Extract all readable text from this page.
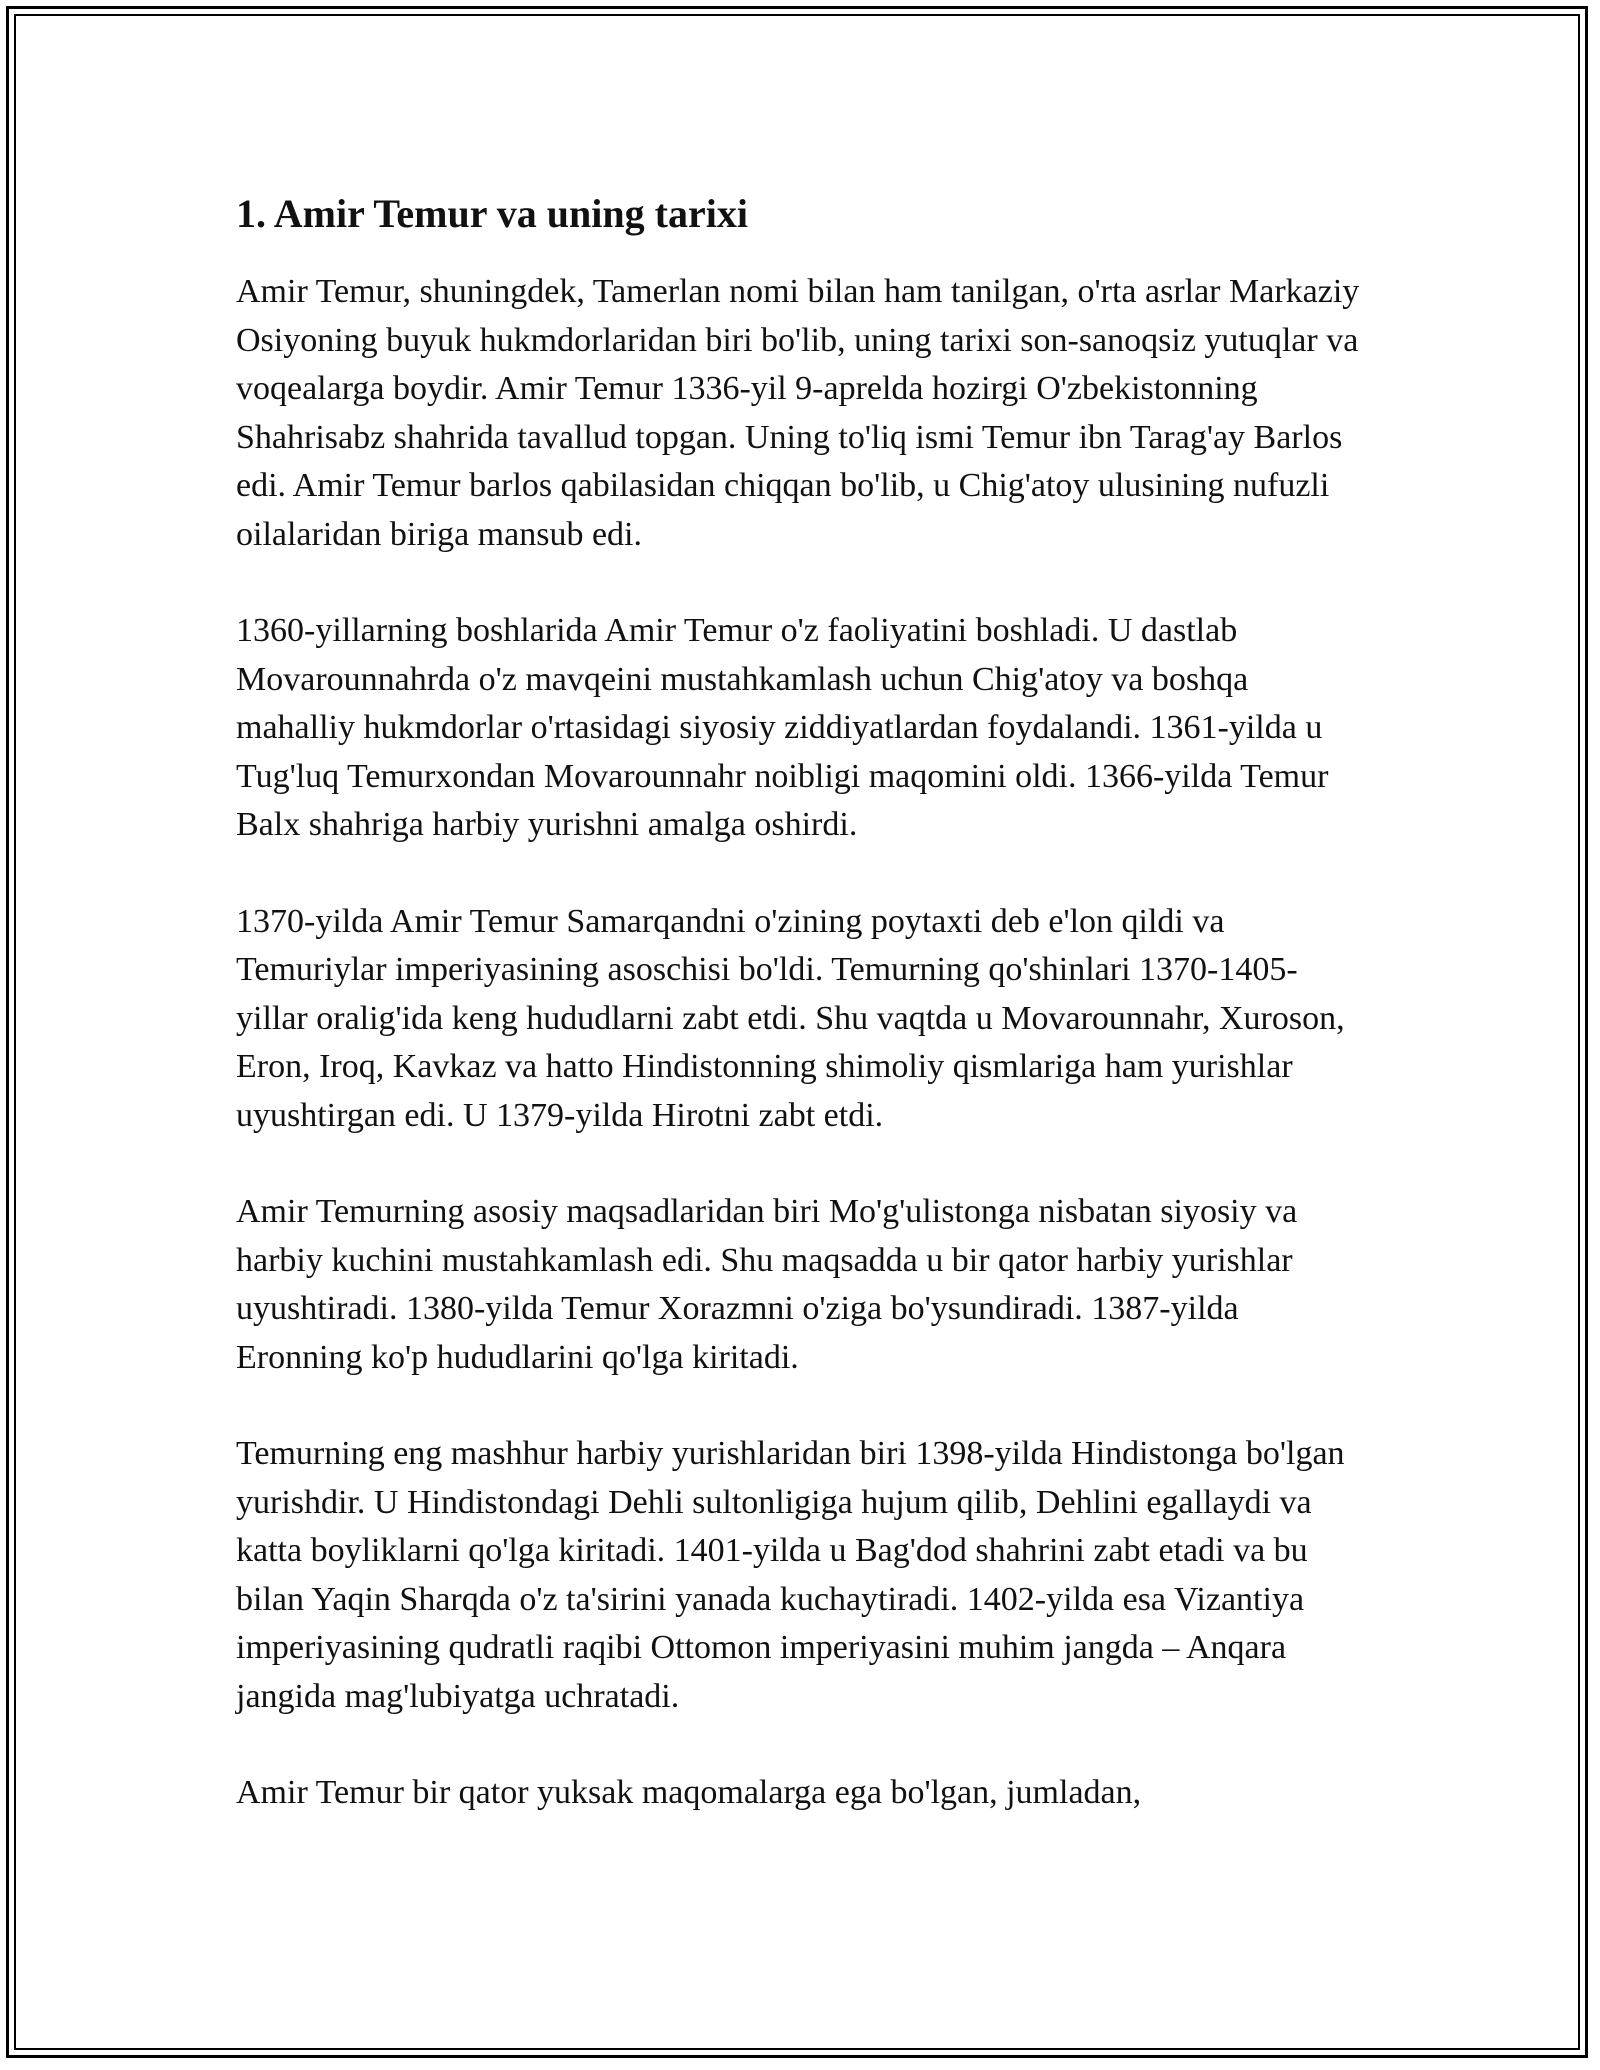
1. Amir Temur va uning tarixi

Amir Temur, shuningdek, Tamerlan nomi bilan ham tanilgan, o'rta asrlar Markaziy Osiyoning buyuk hukmdorlaridan biri bo'lib, uning tarixi son-sanoqsiz yutuqlar va voqealarga boydir. Amir Temur 1336-yil 9-aprelda hozirgi O'zbekistonning Shahrisabz shahrida tavallud topgan. Uning to'liq ismi Temur ibn Tarag'ay Barlos edi. Amir Temur barlos qabilasidan chiqqan bo'lib, u Chig'atoy ulusining nufuzli oilalaridan biriga mansub edi.

1360-yillarning boshlarida Amir Temur o'z faoliyatini boshladi. U dastlab Movarounnahrda o'z mavqeini mustahkamlash uchun Chig'atoy va boshqa mahalliy hukmdorlar o'rtasidagi siyosiy ziddiyatlardan foydalandi. 1361-yilda u Tug'luq Temurxondan Movarounnahr noibligi maqomini oldi. 1366-yilda Temur Balx shahriga harbiy yurishni amalga oshirdi.

1370-yilda Amir Temur Samarqandni o'zining poytaxti deb e'lon qildi va Temuriylar imperiyasining asoschisi bo'ldi. Temurning qo'shinlari 1370-1405-yillar oralig'ida keng hududlarni zabt etdi. Shu vaqtda u Movarounnahr, Xuroson, Eron, Iroq, Kavkaz va hatto Hindistonning shimoliy qismlariga ham yurishlar uyushtirgan edi. U 1379-yilda Hirotni zabt etdi.

Amir Temurning asosiy maqsadlaridan biri Mo'g'ulistonga nisbatan siyosiy va harbiy kuchini mustahkamlash edi. Shu maqsadda u bir qator harbiy yurishlar uyushtiradi. 1380-yilda Temur Xorazmni o'ziga bo'ysundiradi. 1387-yilda Eronning ko'p hududlarini qo'lga kiritadi.

Temurning eng mashhur harbiy yurishlaridan biri 1398-yilda Hindistonga bo'lgan yurishdir. U Hindistondagi Dehli sultonligiga hujum qilib, Dehlini egallaydi va katta boyliklarni qo'lga kiritadi. 1401-yilda u Bag'dod shahrini zabt etadi va bu bilan Yaqin Sharqda o'z ta'sirini yanada kuchaytiradi. 1402-yilda esa Vizantiya imperiyasining qudratli raqibi Ottomon imperiyasini muhim jangda – Anqara jangida mag'lubiyatga uchratadi.

Amir Temur bir qator yuksak maqomalarga ega bo'lgan, jumladan,
